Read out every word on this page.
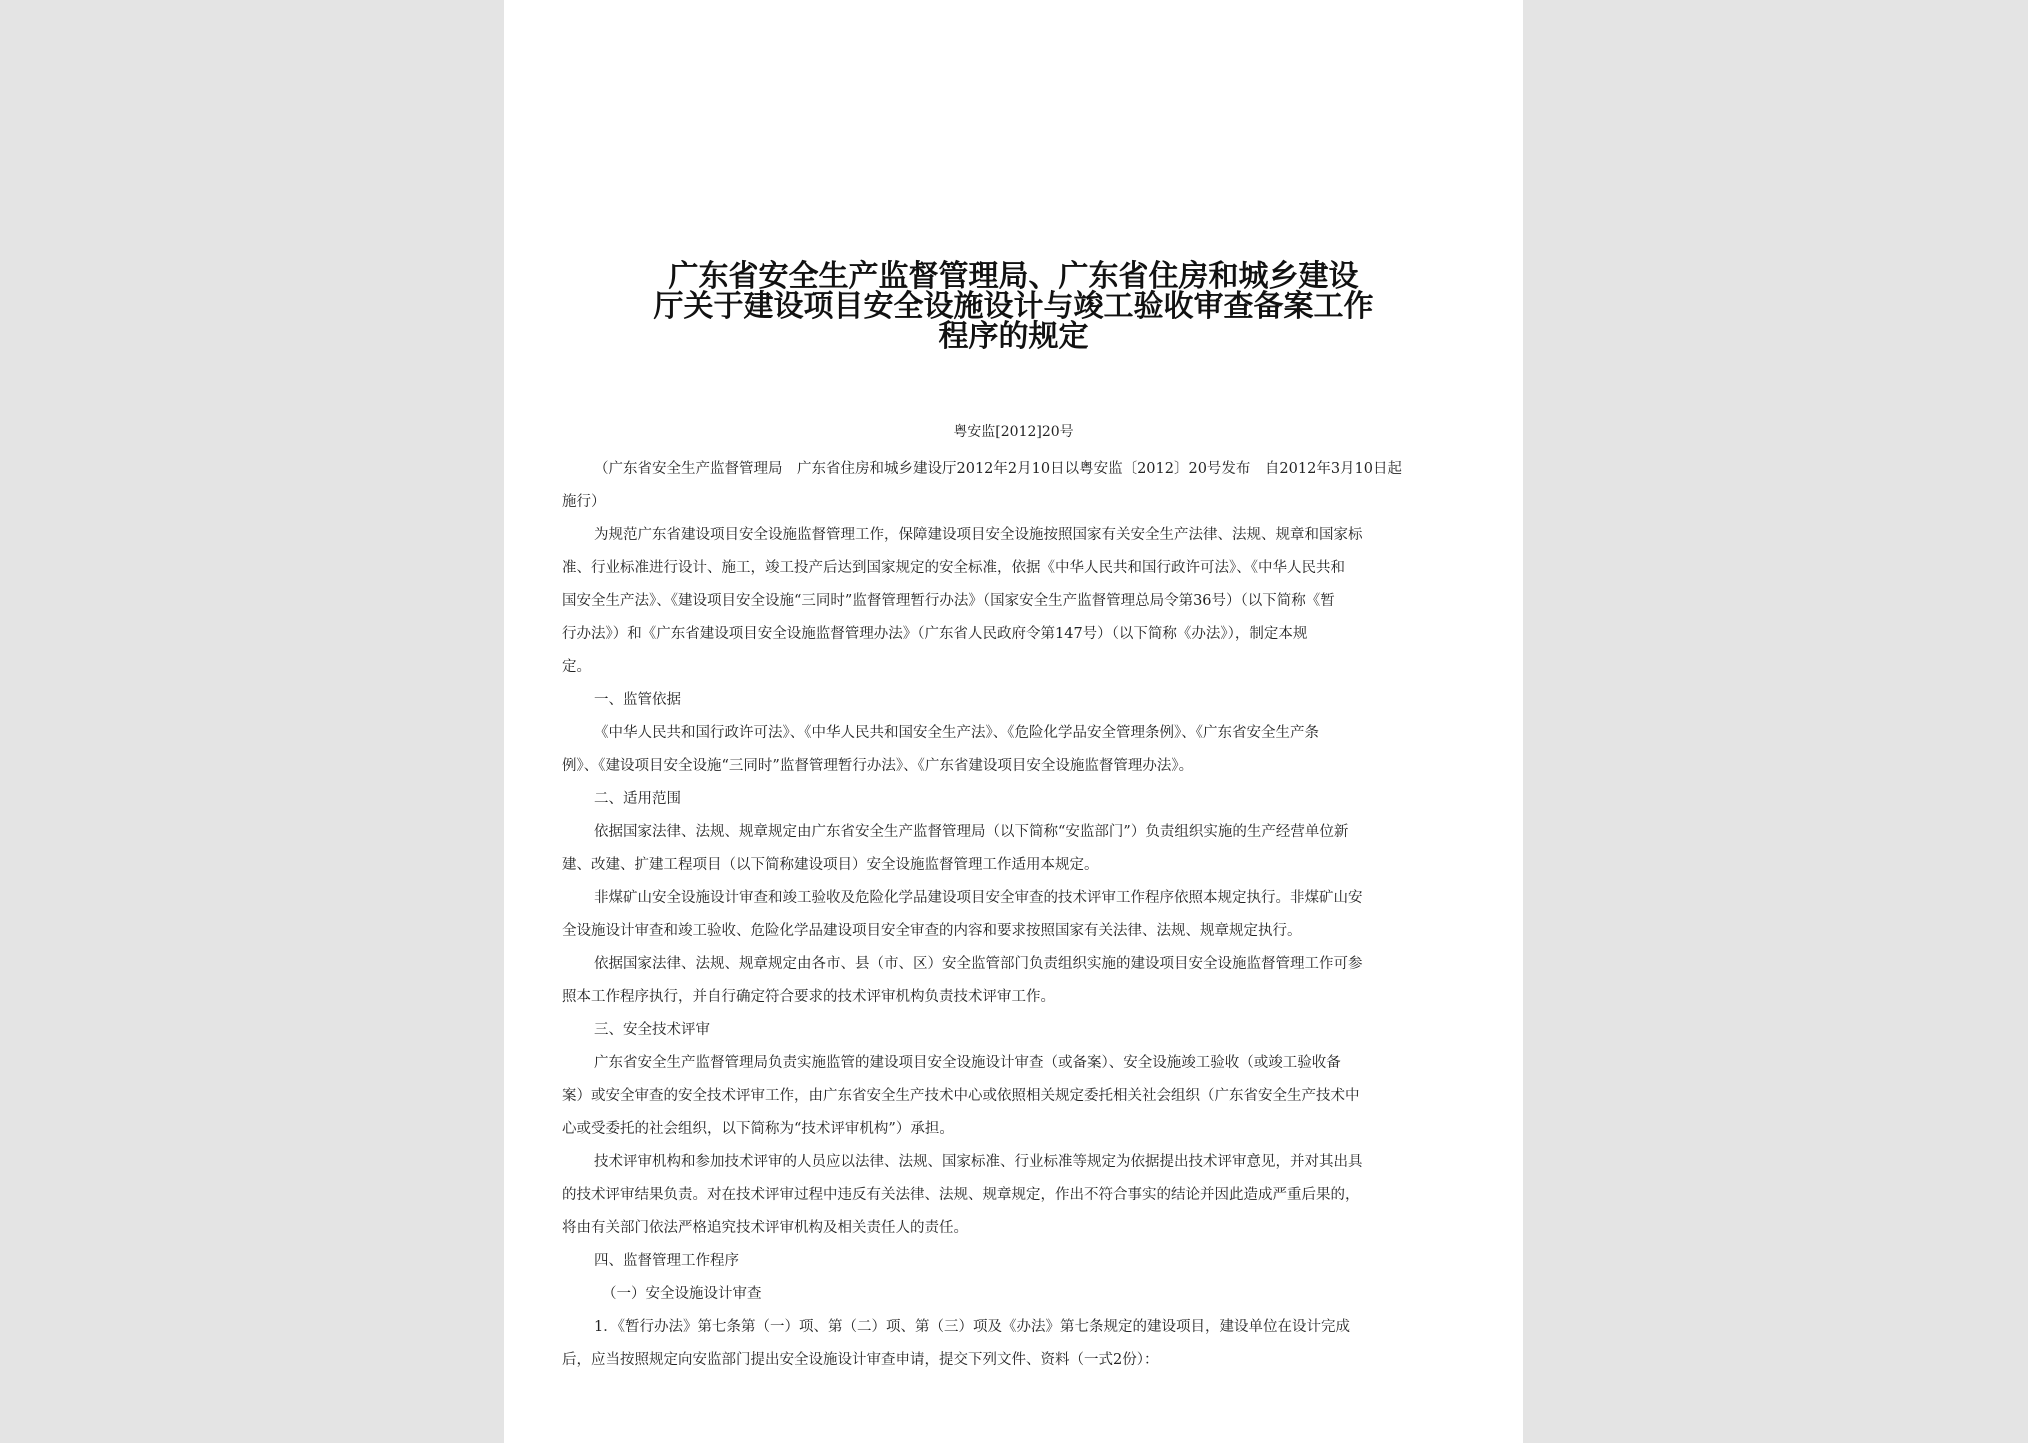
广东省安全生产监督管理局、广东省住房和城乡建设
厅关于建设项目安全设施设计与竣工验收审查备案工作
程序的规定
粤安监[2012]20号
（广东省安全生产监督管理局　广东省住房和城乡建设厅2012年2月10日以粤安监〔2012〕20号发布　自2012年3月10日起
施行）
为规范广东省建设项目安全设施监督管理工作，保障建设项目安全设施按照国家有关安全生产法律、法规、规章和国家标
准、行业标准进行设计、施工，竣工投产后达到国家规定的安全标准，依据《中华人民共和国行政许可法》、《中华人民共和
国安全生产法》、《建设项目安全设施“三同时”监督管理暂行办法》（国家安全生产监督管理总局令第36号）（以下简称《暂
行办法》）和《广东省建设项目安全设施监督管理办法》（广东省人民政府令第147号）（以下简称《办法》），制定本规
定。
一、监管依据
《中华人民共和国行政许可法》、《中华人民共和国安全生产法》、《危险化学品安全管理条例》、《广东省安全生产条
例》、《建设项目安全设施“三同时”监督管理暂行办法》、《广东省建设项目安全设施监督管理办法》。
二、适用范围
依据国家法律、法规、规章规定由广东省安全生产监督管理局（以下简称“安监部门”）负责组织实施的生产经营单位新
建、改建、扩建工程项目（以下简称建设项目）安全设施监督管理工作适用本规定。
非煤矿山安全设施设计审查和竣工验收及危险化学品建设项目安全审查的技术评审工作程序依照本规定执行。非煤矿山安
全设施设计审查和竣工验收、危险化学品建设项目安全审查的内容和要求按照国家有关法律、法规、规章规定执行。
依据国家法律、法规、规章规定由各市、县（市、区）安全监管部门负责组织实施的建设项目安全设施监督管理工作可参
照本工作程序执行，并自行确定符合要求的技术评审机构负责技术评审工作。
三、安全技术评审
广东省安全生产监督管理局负责实施监管的建设项目安全设施设计审查（或备案）、安全设施竣工验收（或竣工验收备
案）或安全审查的安全技术评审工作，由广东省安全生产技术中心或依照相关规定委托相关社会组织（广东省安全生产技术中
心或受委托的社会组织，以下简称为“技术评审机构”）承担。
技术评审机构和参加技术评审的人员应以法律、法规、国家标准、行业标准等规定为依据提出技术评审意见，并对其出具
的技术评审结果负责。对在技术评审过程中违反有关法律、法规、规章规定，作出不符合事实的结论并因此造成严重后果的，
将由有关部门依法严格追究技术评审机构及相关责任人的责任。
四、监督管理工作程序
（一）安全设施设计审查
1．《暂行办法》第七条第（一）项、第（二）项、第（三）项及《办法》第七条规定的建设项目，建设单位在设计完成
后，应当按照规定向安监部门提出安全设施设计审查申请，提交下列文件、资料（一式2份）：
